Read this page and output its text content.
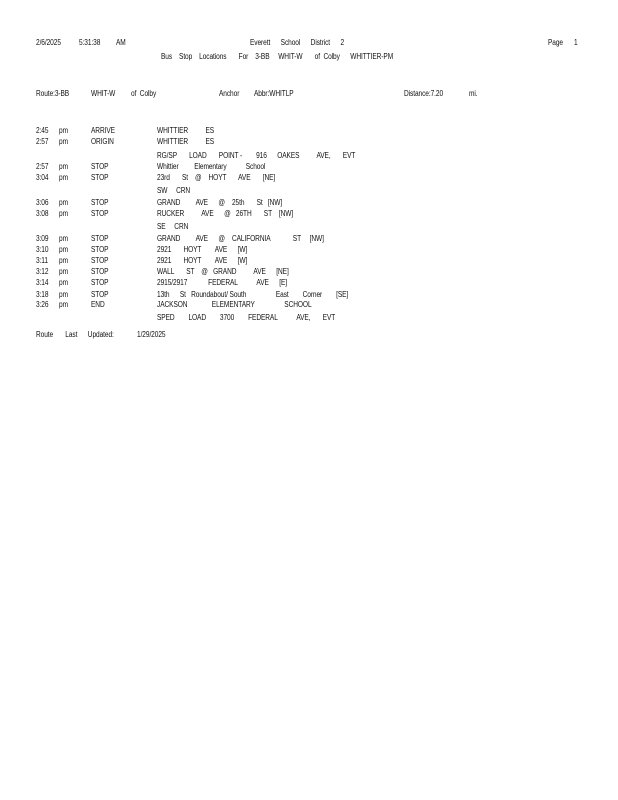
2/6/2025 5:31:38 AM	Everett      School      District      2	Page 1
Bus    Stop    Locations       For    3-BB     WHIT-W       of  Colby      WHITTIER-PM
Route:3-BB	WHIT-W of  Colby	Anchor Abbr:WHITLP	Distance:7.20	mi.
2:45 pm	ARRIVE	WHITTIER          ES
2:57 pm	ORIGIN	WHITTIER          ES
RG/SP       LOAD       POINT -        916      OAKES          AVE,       EVT
2:57 pm	STOP	Whittier         Elementary           School
3:04 pm	STOP	23rd       St    @    HOYT       AVE       [NE]
SW     CRN
3:06 pm	STOP	GRAND         AVE      @    25th       St   [NW]
3:08 pm	STOP	RUCKER          AVE      @   26TH       ST    [NW]
SE     CRN
3:09 pm	STOP	GRAND         AVE      @    CALIFORNIA             ST     [NW]
3:10 pm	STOP	2921       HOYT        AVE      [W]
3:11 pm	STOP	2921       HOYT        AVE      [W]
3:12 pm	STOP	WALL       ST    @   GRAND          AVE      [NE]
3:14 pm	STOP	2915/2917            FEDERAL           AVE      [E]
3:18 pm	STOP	13th      St   Roundabout/ South                 East        Corner        [SE]
3:26 pm	END	JACKSON              ELEMENTARY                 SCHOOL
SPED        LOAD        3700        FEDERAL           AVE,       EVT
Route       Last      Updated:	1/29/2025
